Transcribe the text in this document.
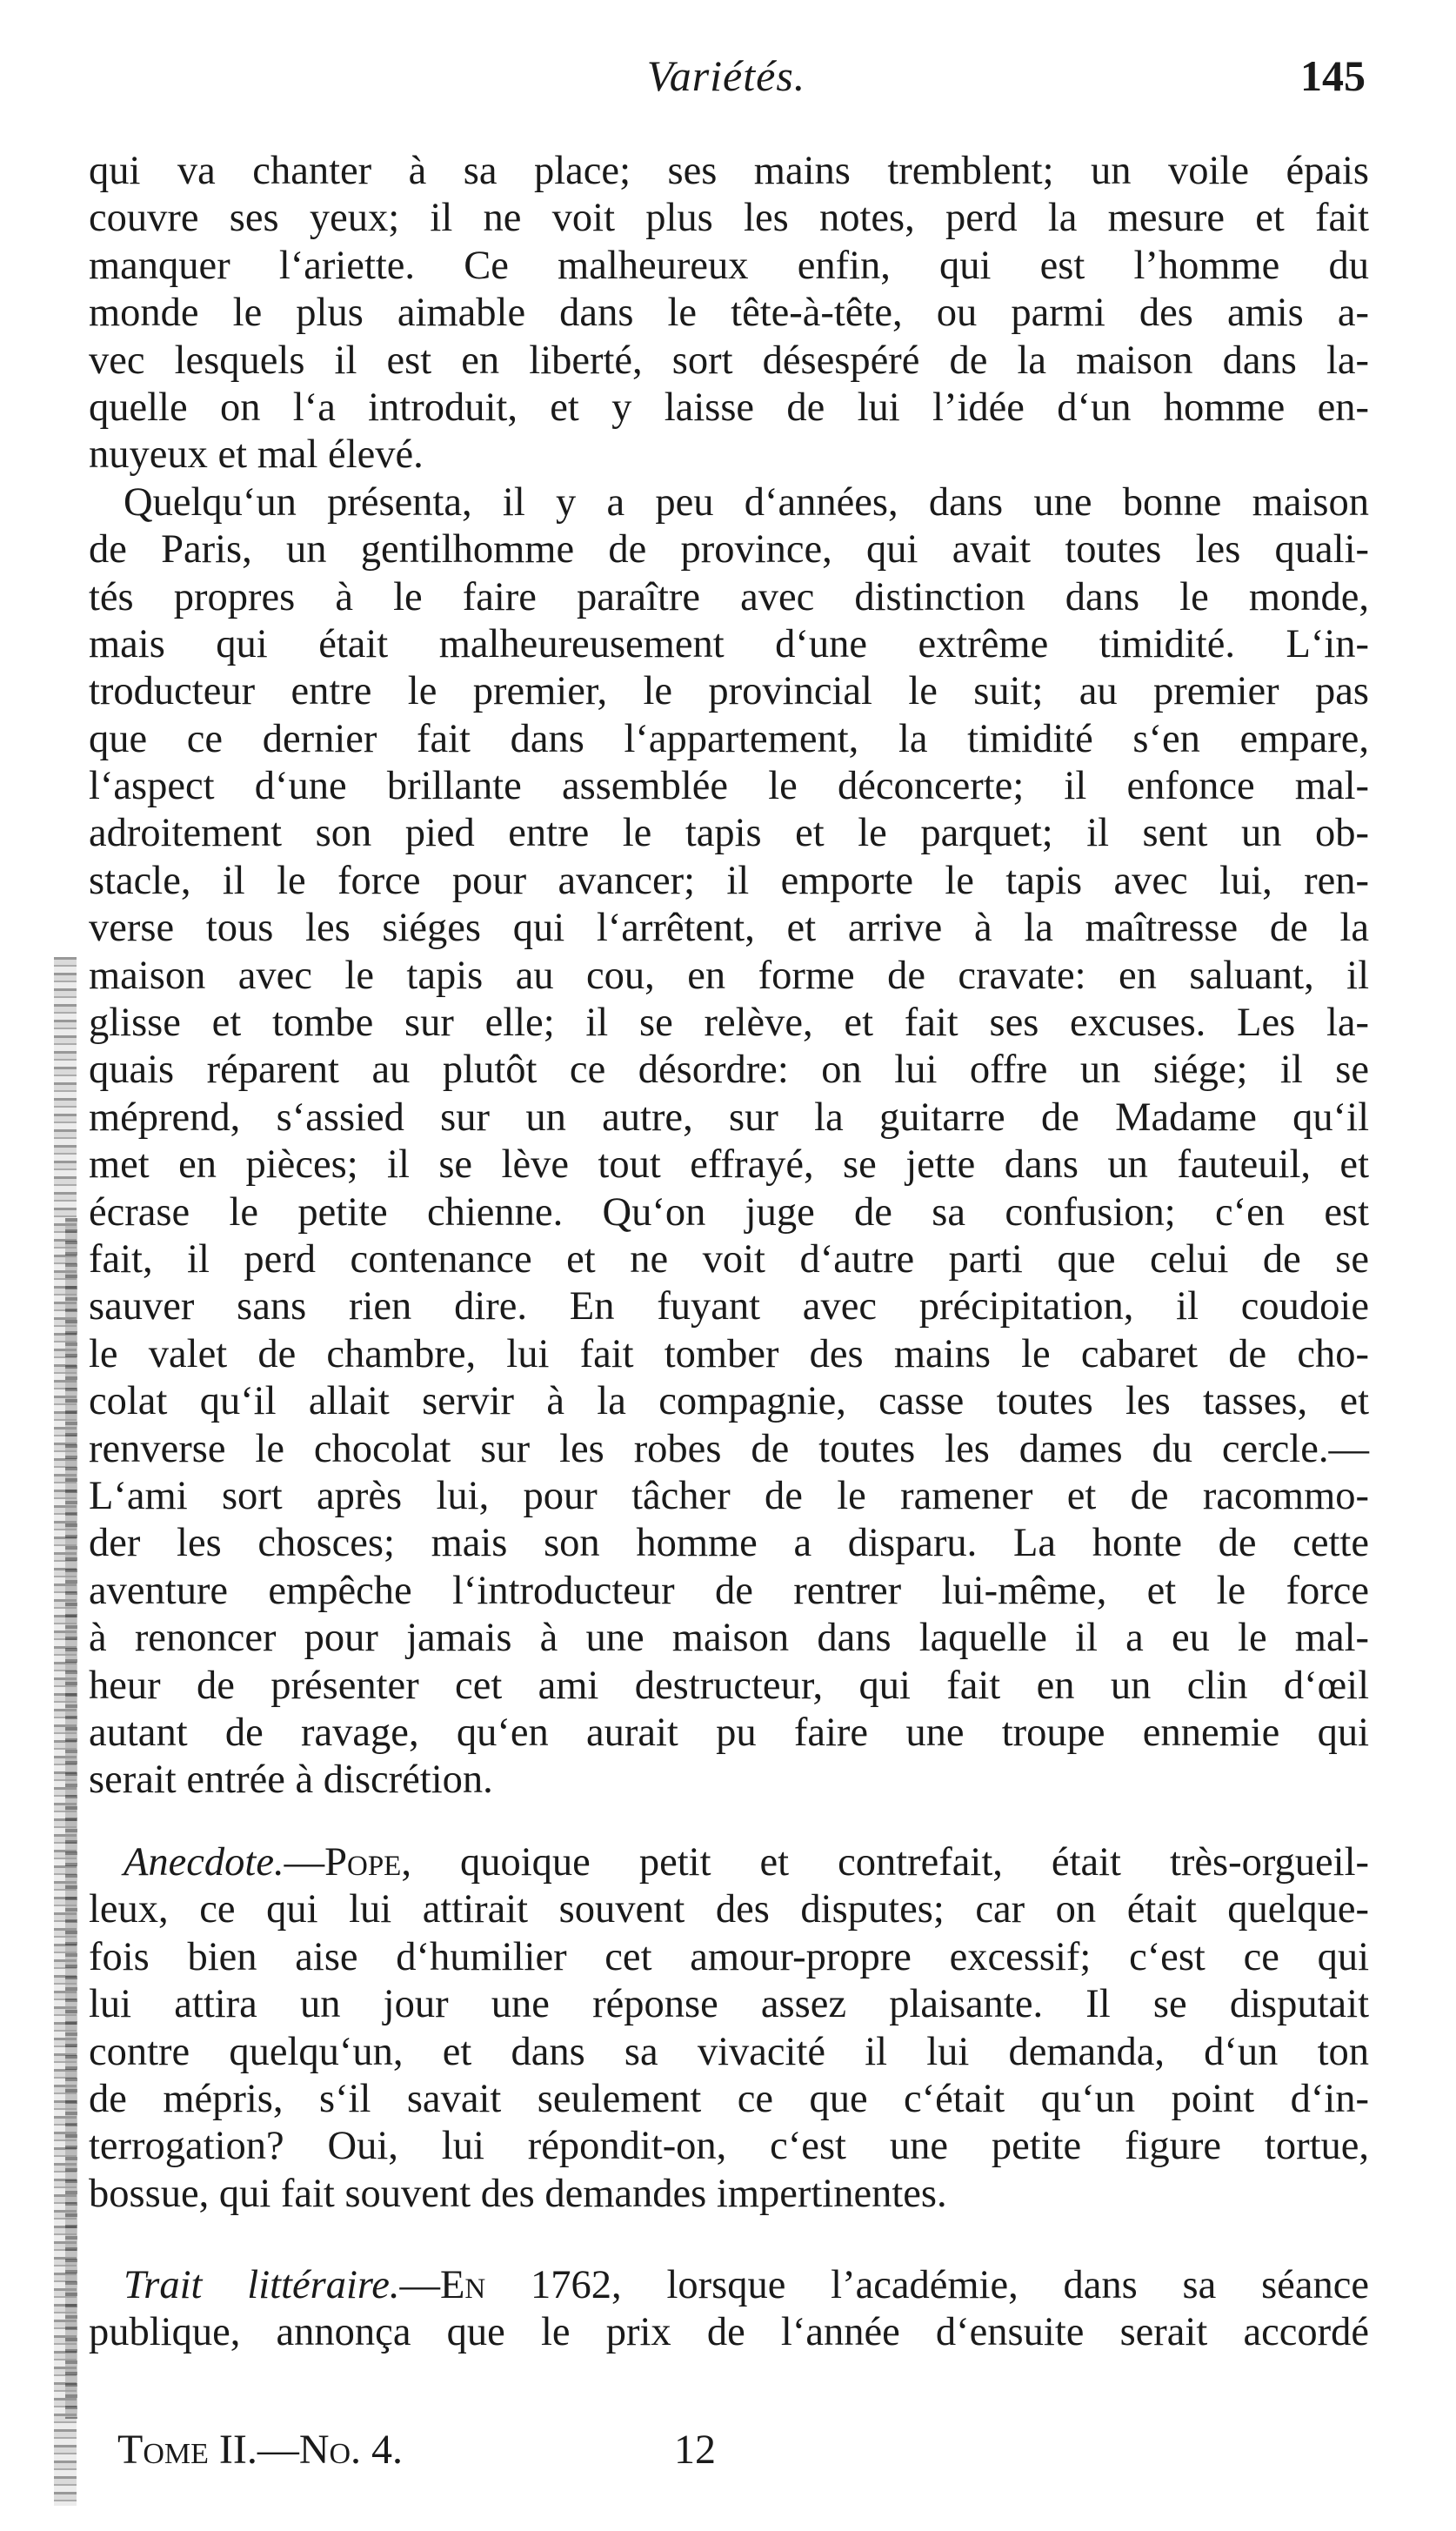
Variétés.	145
qui va chanter à sa place; ses mains tremblent; un voile épais
couvre ses yeux; il ne voit plus les notes, perd la mesure et fait
manquer l‘ariette. Ce malheureux enfin, qui est l’homme du
monde le plus aimable dans le tête-à-tête, ou parmi des amis a-
vec lesquels il est en liberté, sort désespéré de la maison dans la-
quelle on l‘a introduit, et y laisse de lui l’idée d‘un homme en-
nuyeux et mal élevé.
Quelqu‘un présenta, il y a peu d‘années, dans une bonne maison
de Paris, un gentilhomme de province, qui avait toutes les quali-
tés propres à le faire paraître avec distinction dans le monde,
mais qui était malheureusement d‘une extrême timidité. L‘in-
troducteur entre le premier, le provincial le suit; au premier pas
que ce dernier fait dans l‘appartement, la timidité s‘en empare,
l‘aspect d‘une brillante assemblée le déconcerte; il enfonce mal-
adroitement son pied entre le tapis et le parquet; il sent un ob-
stacle, il le force pour avancer; il emporte le tapis avec lui, ren-
verse tous les siéges qui l‘arrêtent, et arrive à la maîtresse de la
maison avec le tapis au cou, en forme de cravate: en saluant, il
glisse et tombe sur elle; il se relève, et fait ses excuses. Les la-
quais réparent au plutôt ce désordre: on lui offre un siége; il se
méprend, s‘assied sur un autre, sur la guitarre de Madame qu‘il
met en pièces; il se lève tout effrayé, se jette dans un fauteuil, et
écrase le petite chienne. Qu‘on juge de sa confusion; c‘en est
fait, il perd contenance et ne voit d‘autre parti que celui de se
sauver sans rien dire. En fuyant avec précipitation, il coudoie
le valet de chambre, lui fait tomber des mains le cabaret de cho-
colat qu‘il allait servir à la compagnie, casse toutes les tasses, et
renverse le chocolat sur les robes de toutes les dames du cercle.—
L‘ami sort après lui, pour tâcher de le ramener et de racommo-
der les chosces; mais son homme a disparu. La honte de cette
aventure empêche l‘introducteur de rentrer lui-même, et le force
à renoncer pour jamais à une maison dans laquelle il a eu le mal-
heur de présenter cet ami destructeur, qui fait en un clin d‘œil
autant de ravage, qu‘en aurait pu faire une troupe ennemie qui
serait entrée à discrétion.
Anecdote.—Pope, quoique petit et contrefait, était très-orgueil-
leux, ce qui lui attirait souvent des disputes; car on était quelque-
fois bien aise d‘humilier cet amour-propre excessif; c‘est ce qui
lui attira un jour une réponse assez plaisante. Il se disputait
contre quelqu‘un, et dans sa vivacité il lui demanda, d‘un ton
de mépris, s‘il savait seulement ce que c‘était qu‘un point d‘in-
terrogation? Oui, lui répondit-on, c‘est une petite figure tortue,
bossue, qui fait souvent des demandes impertinentes.
Trait littéraire.—En 1762, lorsque l’académie, dans sa séance
publique, annonça que le prix de l‘année d‘ensuite serait accordé
Tome II.—No. 4.	12
